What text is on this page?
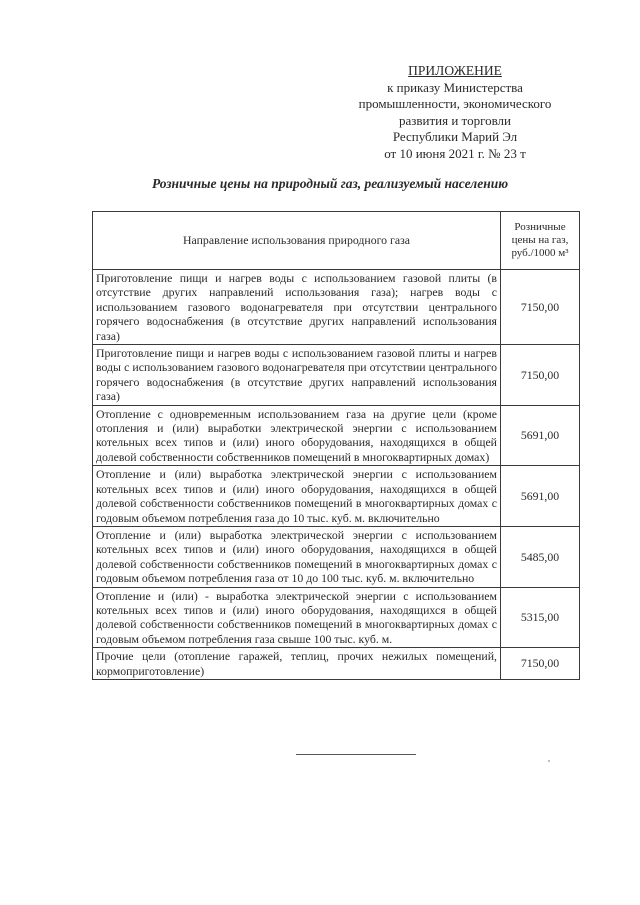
ПРИЛОЖЕНИЕ
к приказу Министерства
промышленности, экономического
развития и торговли
Республики Марий Эл
от 10 июня 2021 г. № 23 т
Розничные цены на природный газ, реализуемый населению
Направление использования природного газа	Розничные цены на газ, руб./1000 м³
Приготовление пищи и нагрев воды с использованием газовой плиты (в отсутствие других направлений использования газа); нагрев воды с использованием газового водонагревателя при отсутствии центрального горячего водоснабжения (в отсутствие других направлений использования газа)	7150,00
Приготовление пищи и нагрев воды с использованием газовой плиты и нагрев воды с использованием газового водонагревателя при отсутствии центрального горячего водоснабжения (в отсутствие других направлений использования газа)	7150,00
Отопление с одновременным использованием газа на другие цели (кроме отопления и (или) выработки электрической энергии с использованием котельных всех типов и (или) иного оборудования, находящихся в общей долевой собственности собственников помещений в многоквартирных домах)	5691,00
Отопление и (или) выработка электрической энергии с использованием котельных всех типов и (или) иного оборудования, находящихся в общей долевой собственности собственников помещений в многоквартирных домах с годовым объемом потребления газа до 10 тыс. куб. м. включительно	5691,00
Отопление и (или) выработка электрической энергии с использованием котельных всех типов и (или) иного оборудования, находящихся в общей долевой собственности собственников помещений в многоквартирных домах с годовым объемом потребления газа от 10 до 100 тыс. куб. м. включительно	5485,00
Отопление и (или) - выработка электрической энергии с использованием котельных всех типов и (или) иного оборудования, находящихся в общей долевой собственности собственников помещений в многоквартирных домах с годовым объемом потребления газа свыше 100 тыс. куб. м.	5315,00
Прочие цели (отопление гаражей, теплиц, прочих нежилых помещений, кормоприготовление)	7150,00
